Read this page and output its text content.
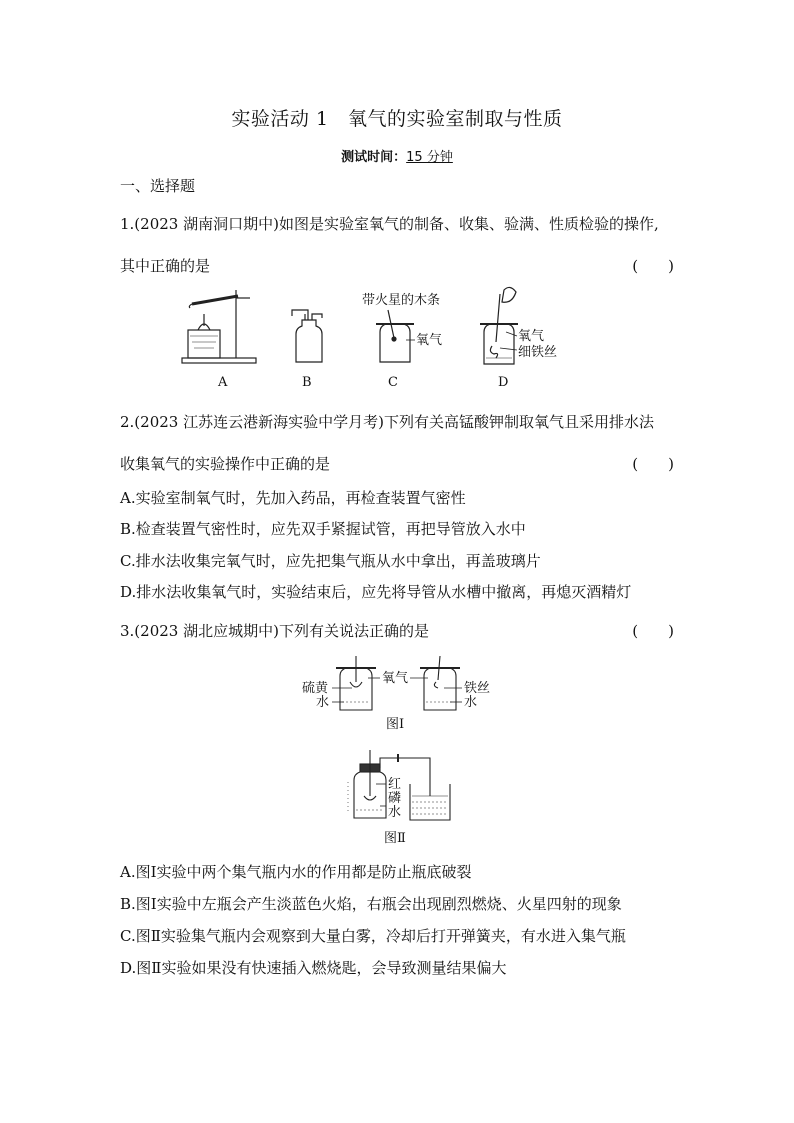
实验活动 1　氧气的实验室制取与性质
测试时间：15 分钟
一、选择题
1.(2023 湖南洞口期中)如图是实验室氧气的制备、收集、验满、性质检验的操作,
其中正确的是	(　　)
带火星的木条
氧气	氧气
细铁丝
A	B	C	D
2.(2023 江苏连云港新海实验中学月考)下列有关高锰酸钾制取氧气且采用排水法
收集氧气的实验操作中正确的是	(　　)
A.实验室制氧气时，先加入药品，再检查装置气密性
B.检查装置气密性时，应先双手紧握试管，再把导管放入水中
C.排水法收集完氧气时，应先把集气瓶从水中拿出，再盖玻璃片
D.排水法收集氧气时，实验结束后，应先将导管从水槽中撤离，再熄灭酒精灯
3.(2023 湖北应城期中)下列有关说法正确的是	(　　)
硫黄
水
氧气
铁丝
水
图Ⅰ
红
磷
水
图Ⅱ
A.图Ⅰ实验中两个集气瓶内水的作用都是防止瓶底破裂
B.图Ⅰ实验中左瓶会产生淡蓝色火焰，右瓶会出现剧烈燃烧、火星四射的现象
C.图Ⅱ实验集气瓶内会观察到大量白雾，冷却后打开弹簧夹，有水进入集气瓶
D.图Ⅱ实验如果没有快速插入燃烧匙，会导致测量结果偏大
